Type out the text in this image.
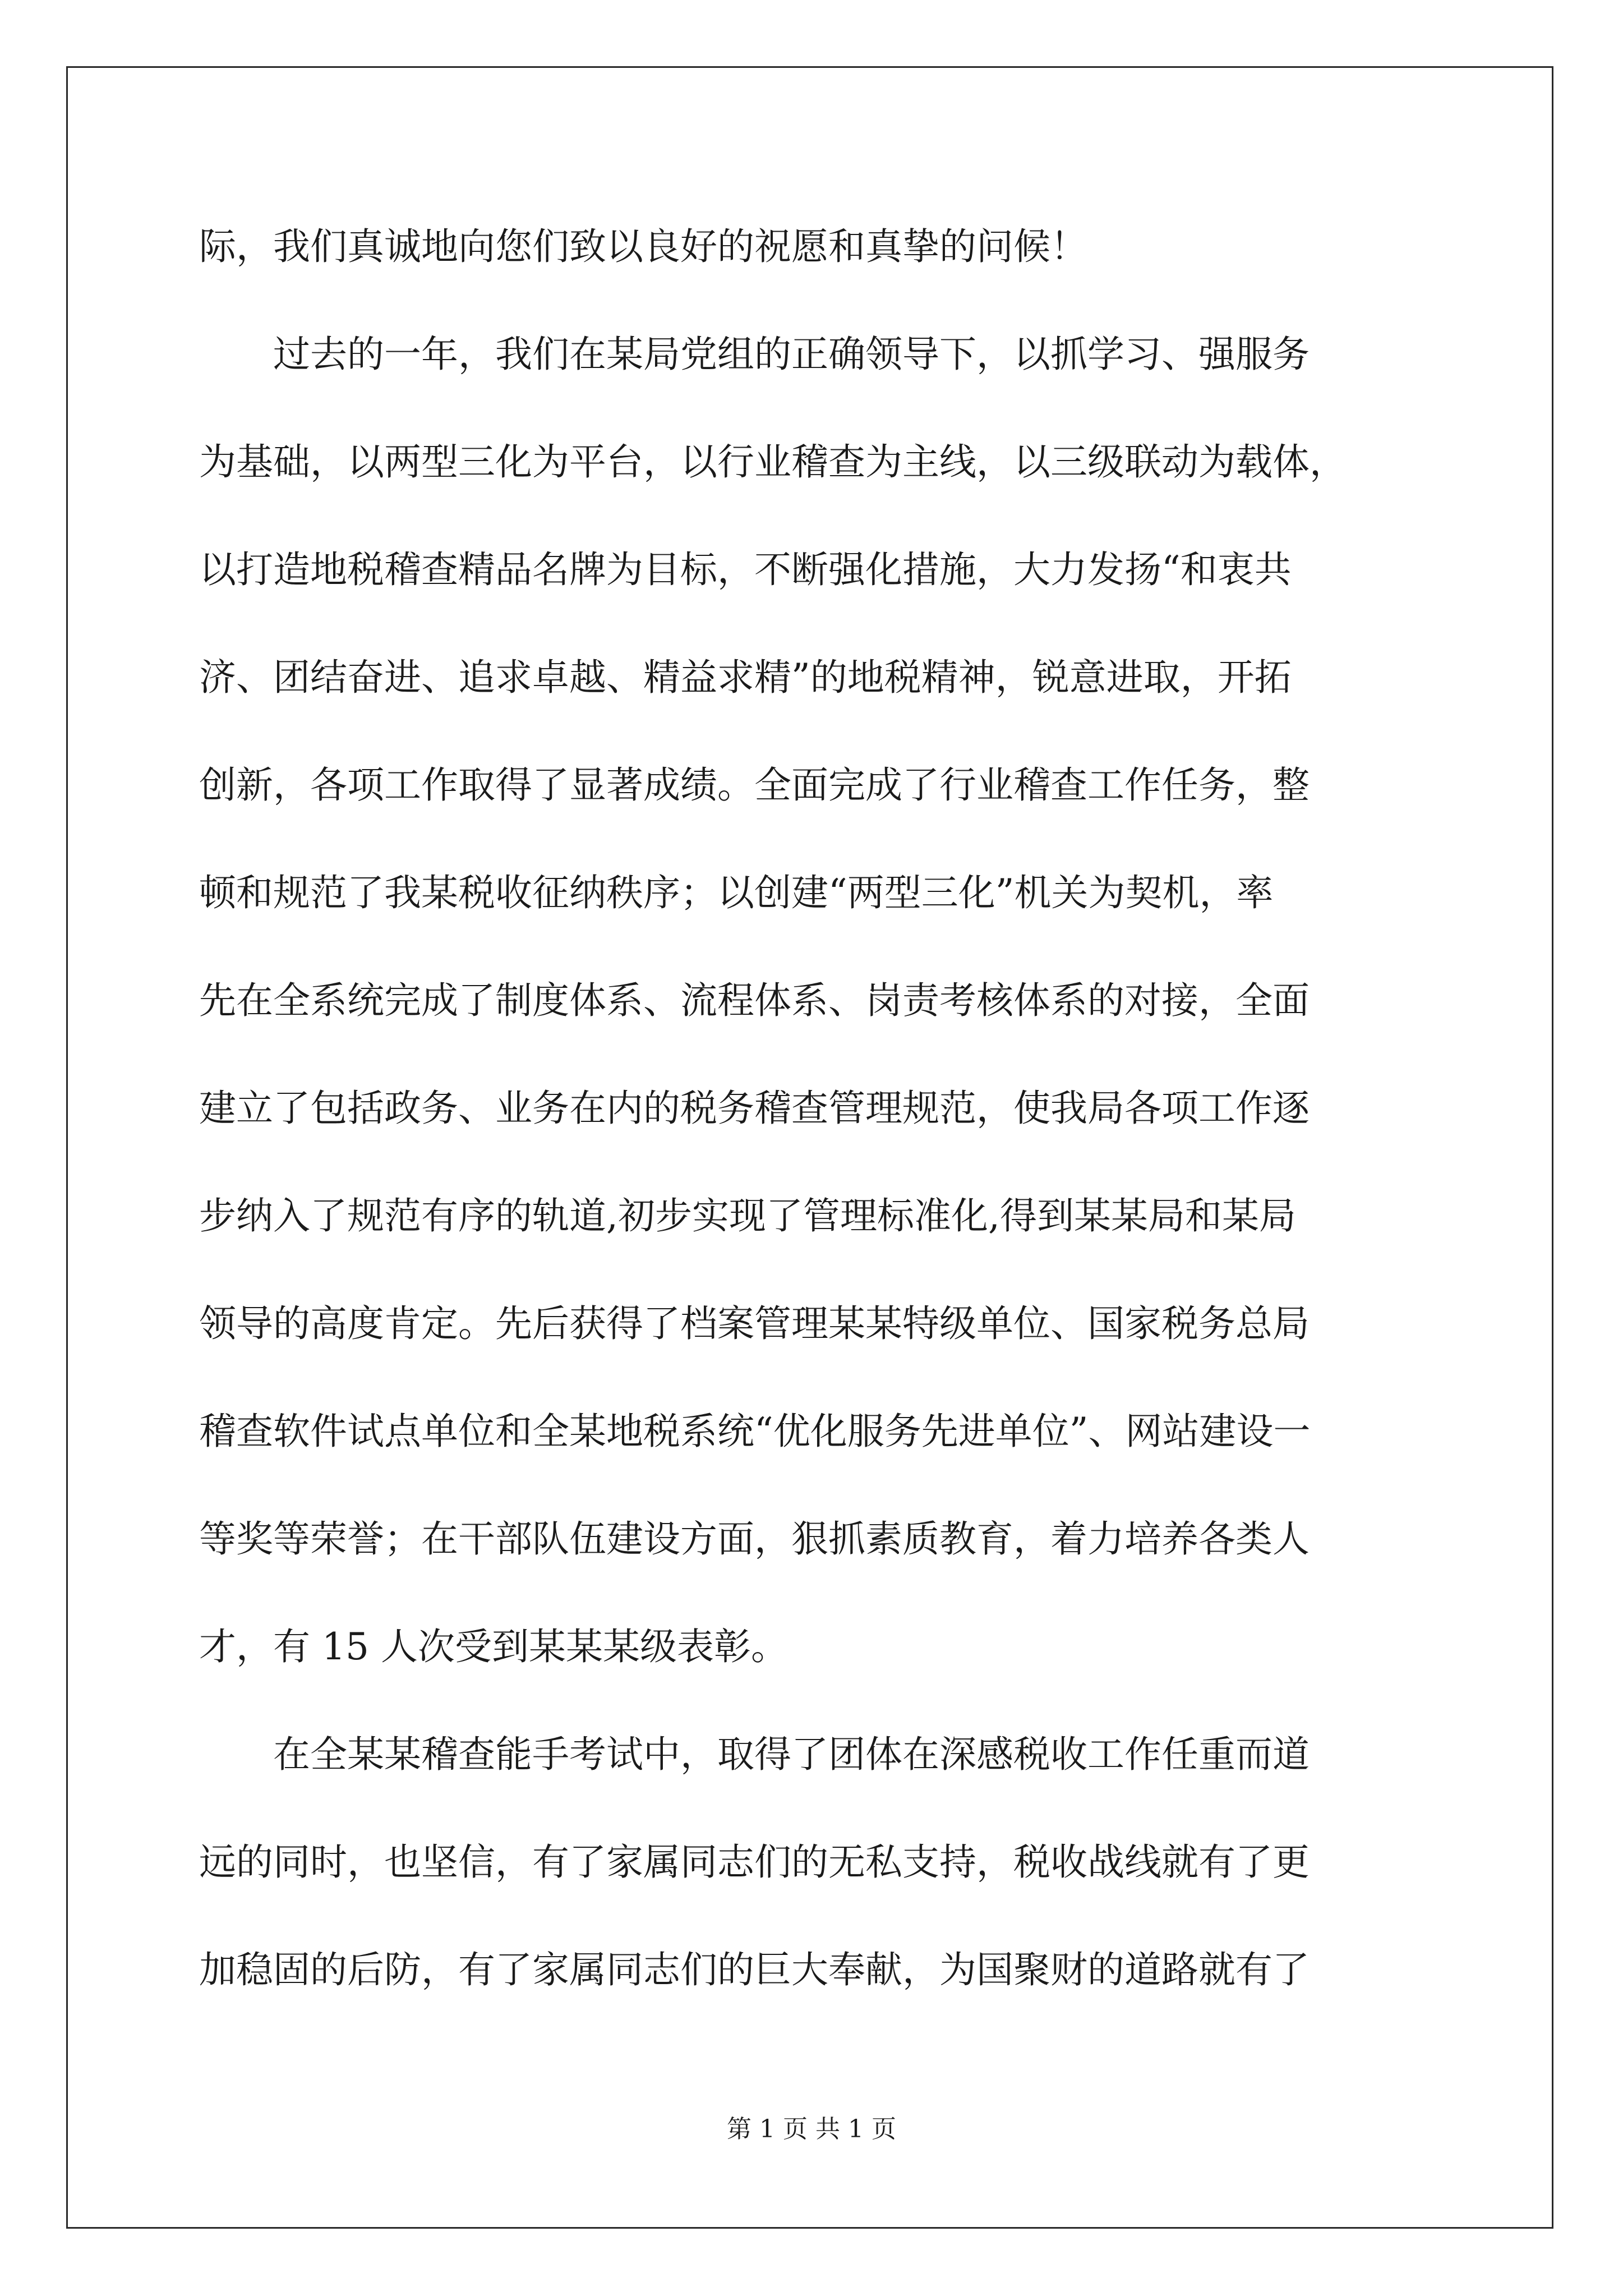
际，我们真诚地向您们致以良好的祝愿和真挚的问候！
过去的一年，我们在某局党组的正确领导下，以抓学习、强服务
为基础，以两型三化为平台，以行业稽查为主线，以三级联动为载体，
以打造地税稽查精品名牌为目标，不断强化措施，大力发扬“和衷共
济、团结奋进、追求卓越、精益求精”的地税精神，锐意进取，开拓
创新，各项工作取得了显著成绩。全面完成了行业稽查工作任务，整
顿和规范了我某税收征纳秩序；以创建“两型三化”机关为契机，率
先在全系统完成了制度体系、流程体系、岗责考核体系的对接，全面
建立了包括政务、业务在内的税务稽查管理规范，使我局各项工作逐
步纳入了规范有序的轨道,初步实现了管理标准化,得到某某局和某局
领导的高度肯定。先后获得了档案管理某某特级单位、国家税务总局
稽查软件试点单位和全某地税系统“优化服务先进单位”、网站建设一
等奖等荣誉；在干部队伍建设方面，狠抓素质教育，着力培养各类人
才，有 15 人次受到某某某级表彰。
在全某某稽查能手考试中，取得了团体在深感税收工作任重而道
远的同时，也坚信，有了家属同志们的无私支持，税收战线就有了更
加稳固的后防，有了家属同志们的巨大奉献，为国聚财的道路就有了
第 1 页 共 1 页
